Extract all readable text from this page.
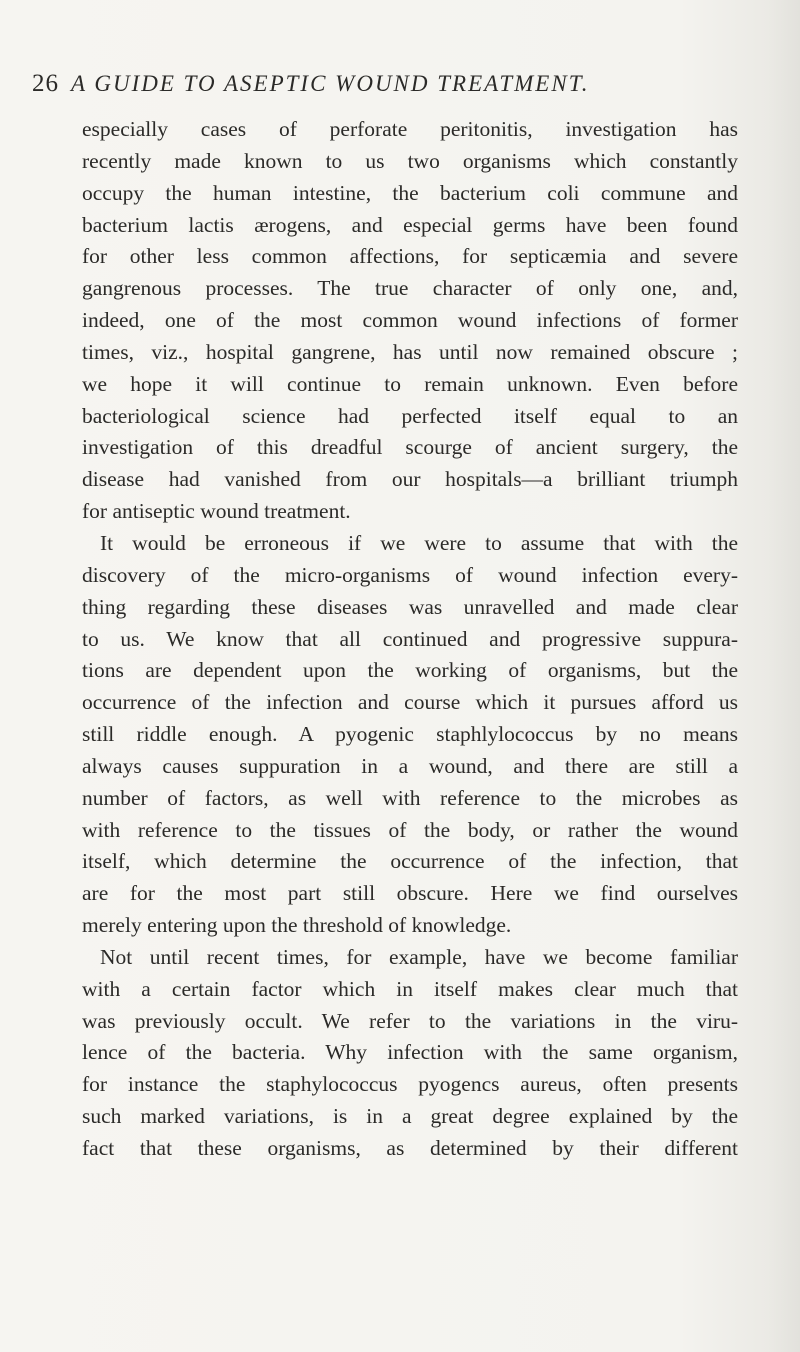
26 A GUIDE TO ASEPTIC WOUND TREATMENT.
especially cases of perforate peritonitis, investigation has
recently made known to us two organisms which constantly
occupy the human intestine, the bacterium coli commune and
bacterium lactis ærogens, and especial germs have been found
for other less common affections, for septicæmia and severe
gangrenous processes. The true character of only one, and,
indeed, one of the most common wound infections of former
times, viz., hospital gangrene, has until now remained obscure ;
we hope it will continue to remain unknown. Even before
bacteriological science had perfected itself equal to an
investigation of this dreadful scourge of ancient surgery, the
disease had vanished from our hospitals—a brilliant triumph
for antiseptic wound treatment.
It would be erroneous if we were to assume that with the
discovery of the micro-organisms of wound infection every-
thing regarding these diseases was unravelled and made clear
to us. We know that all continued and progressive suppura-
tions are dependent upon the working of organisms, but the
occurrence of the infection and course which it pursues afford us
still riddle enough. A pyogenic staphlylococcus by no means
always causes suppuration in a wound, and there are still a
number of factors, as well with reference to the microbes as
with reference to the tissues of the body, or rather the wound
itself, which determine the occurrence of the infection, that
are for the most part still obscure. Here we find ourselves
merely entering upon the threshold of knowledge.
Not until recent times, for example, have we become familiar
with a certain factor which in itself makes clear much that
was previously occult. We refer to the variations in the viru-
lence of the bacteria. Why infection with the same organism,
for instance the staphylococcus pyogencs aureus, often presents
such marked variations, is in a great degree explained by the
fact that these organisms, as determined by their different
